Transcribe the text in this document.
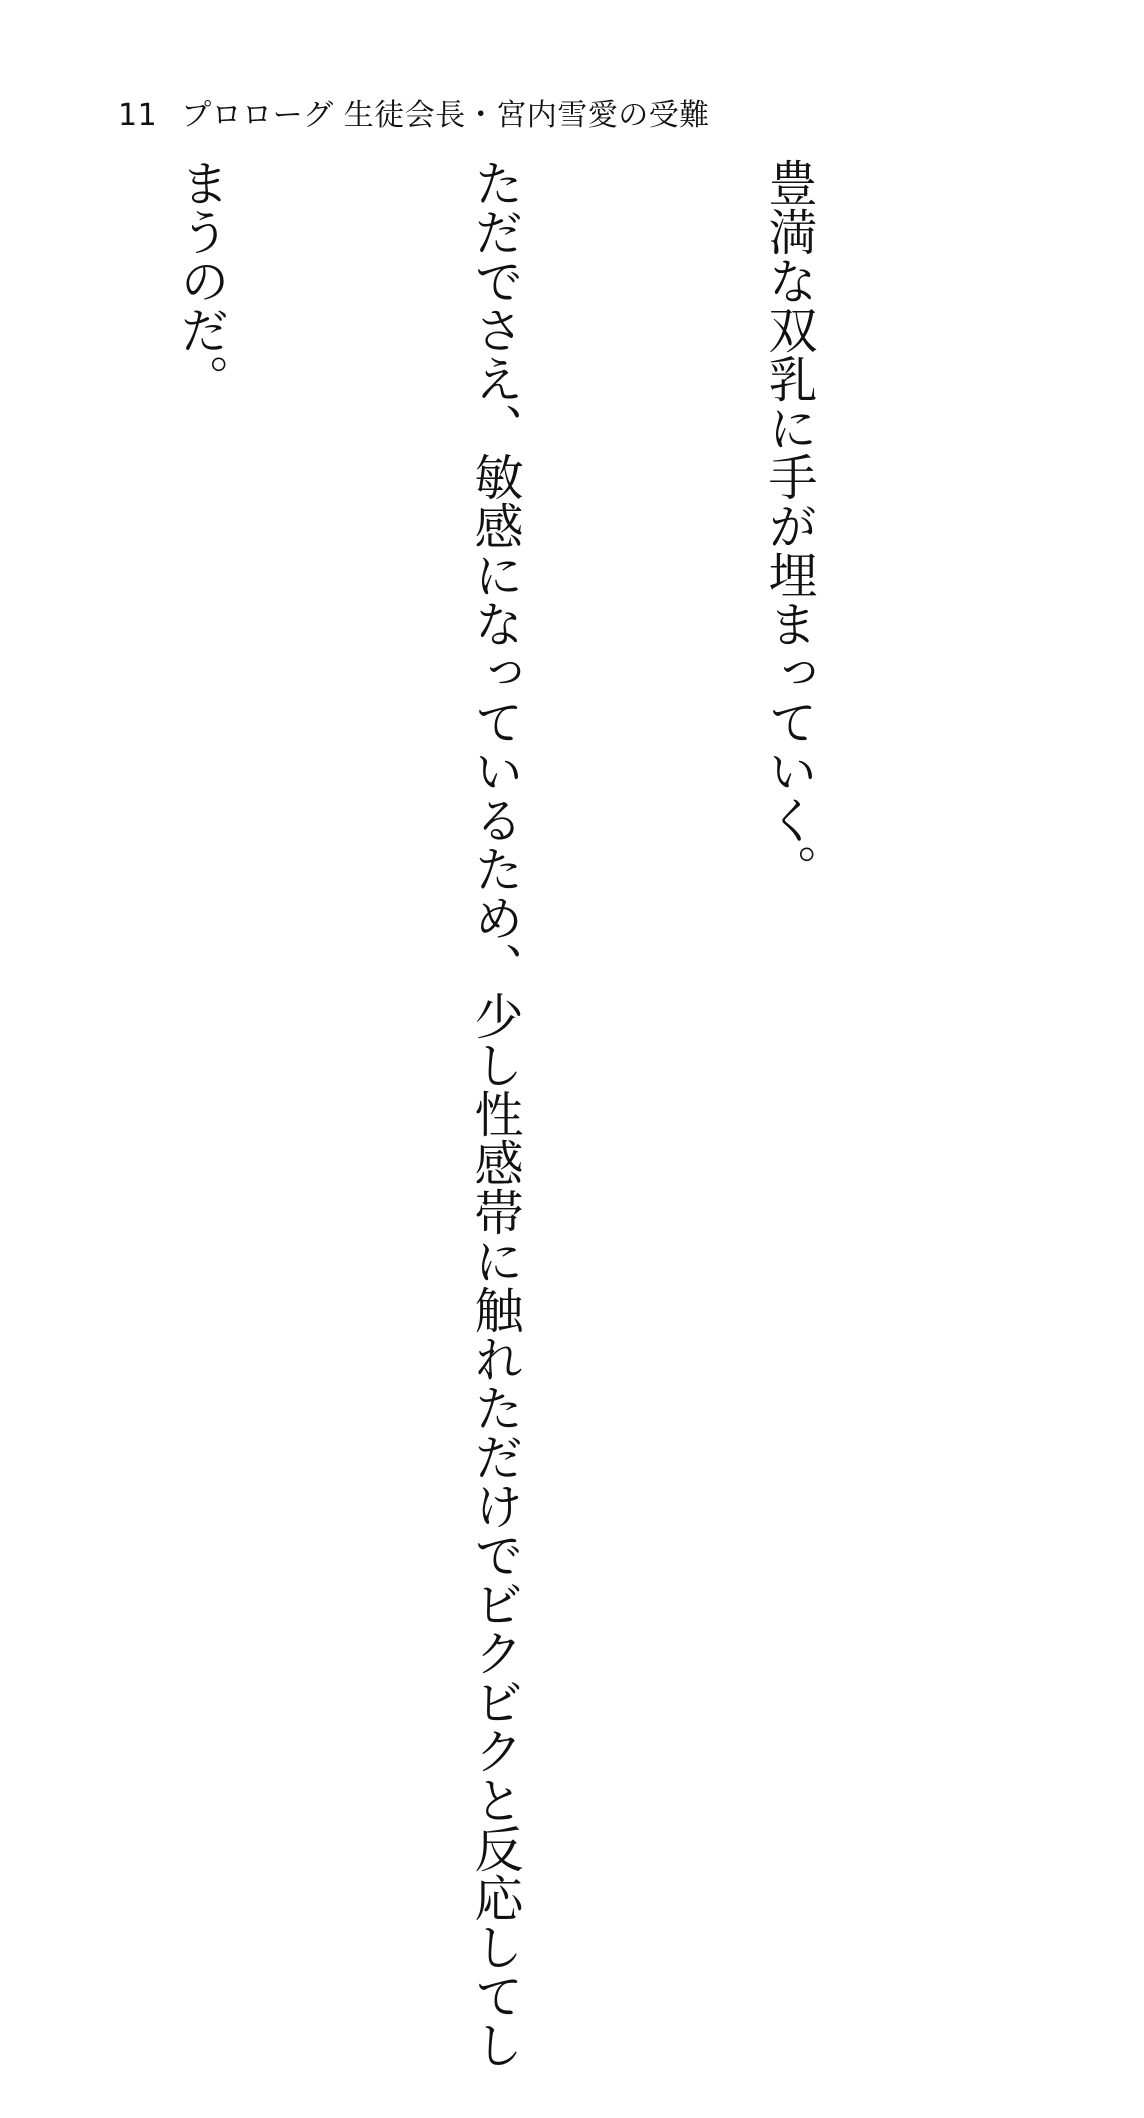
11 プロローグ 生徒会長・宮内雪愛の受難

豊満な双乳に手が埋まっていく。

ただでさえ、敏感になっているため、少し性感帯に触れただけでビクビクと反応してし

まうのだ。
